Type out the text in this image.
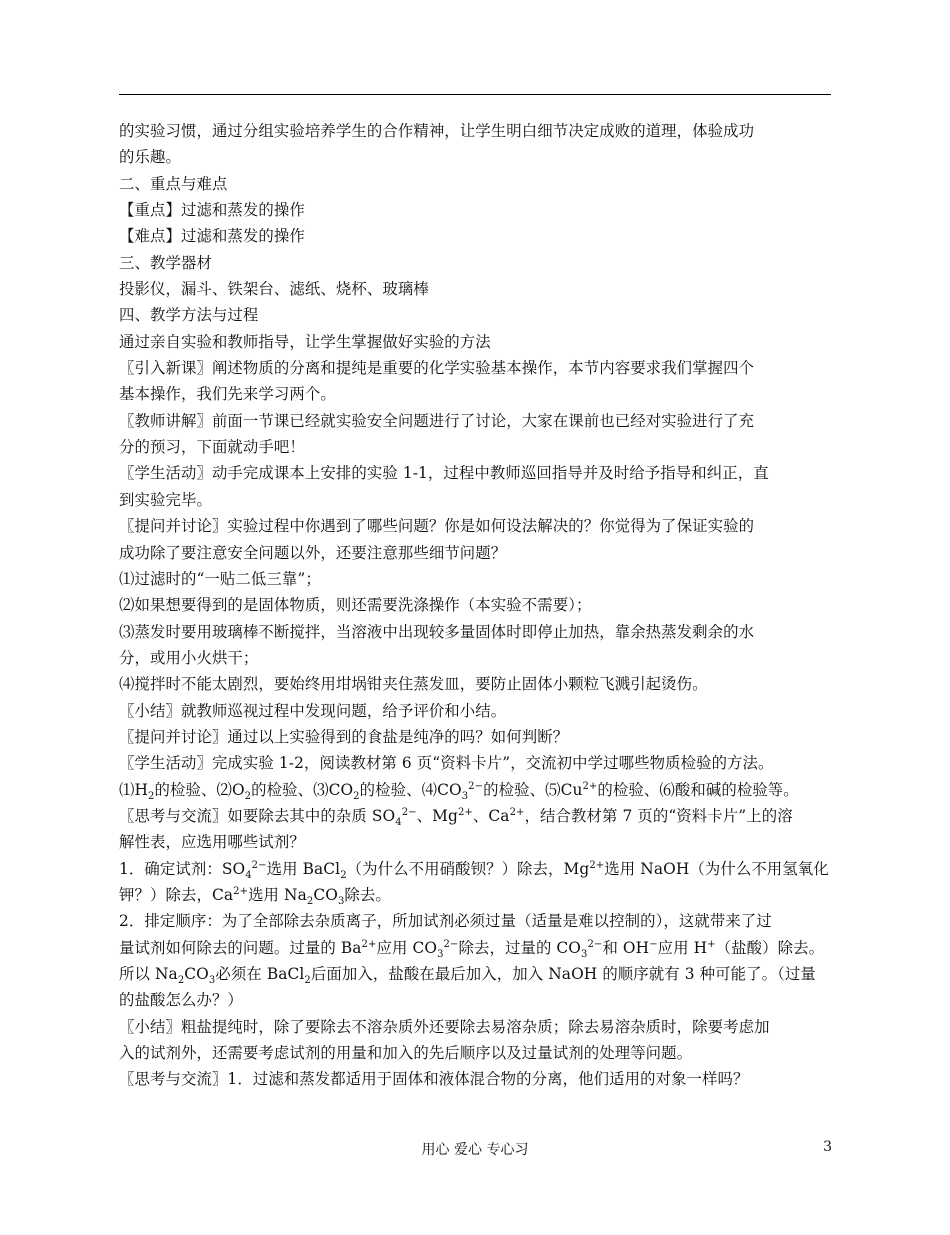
的实验习惯，通过分组实验培养学生的合作精神，让学生明白细节决定成败的道理，体验成功

的乐趣。

二、重点与难点

【重点】过滤和蒸发的操作

【难点】过滤和蒸发的操作

三、教学器材

投影仪，漏斗、铁架台、滤纸、烧杯、玻璃棒

四、教学方法与过程

通过亲自实验和教师指导，让学生掌握做好实验的方法

〖引入新课〗阐述物质的分离和提纯是重要的化学实验基本操作，本节内容要求我们掌握四个

基本操作，我们先来学习两个。

〖教师讲解〗前面一节课已经就实验安全问题进行了讨论，大家在课前也已经对实验进行了充

分的预习，下面就动手吧！

〖学生活动〗动手完成课本上安排的实验 1-1，过程中教师巡回指导并及时给予指导和纠正，直

到实验完毕。

〖提问并讨论〗实验过程中你遇到了哪些问题？你是如何设法解决的？你觉得为了保证实验的

成功除了要注意安全问题以外，还要注意那些细节问题？

⑴过滤时的“一贴二低三靠”；

⑵如果想要得到的是固体物质，则还需要洗涤操作（本实验不需要）；

⑶蒸发时要用玻璃棒不断搅拌，当溶液中出现较多量固体时即停止加热，靠余热蒸发剩余的水

分，或用小火烘干；

⑷搅拌时不能太剧烈，要始终用坩埚钳夹住蒸发皿，要防止固体小颗粒飞溅引起烫伤。

〖小结〗就教师巡视过程中发现问题，给予评价和小结。

〖提问并讨论〗通过以上实验得到的食盐是纯净的吗？如何判断？

〖学生活动〗完成实验 1-2，阅读教材第 6 页“资料卡片”，交流初中学过哪些物质检验的方法。

$⑴H_2$的检验、$⑵O_2$的检验、$⑶CO_2$的检验、$⑷CO_3^{2-}$的检验、$⑸Cu^{2+}$的检验、⑹酸和碱的检验等。

〖思考与交流〗如要除去其中的杂质 $SO_4^{2-}$、$Mg^{2+}$、$Ca^{2+}$，结合教材第 7 页的“资料卡片”上的溶

解性表，应选用哪些试剂？

1．确定试剂：$SO_4^{2-}$选用 BaCl$_2$（为什么不用硝酸钡？）除去，$Mg^{2+}$选用 NaOH（为什么不用氢氧化

钾？）除去，$Ca^{2+}$选用 $Na_2CO_3$除去。

2．排定顺序：为了全部除去杂质离子，所加试剂必须过量（适量是难以控制的），这就带来了过

量试剂如何除去的问题。过量的 $Ba^{2+}$应用 $CO_3^{2-}$除去，过量的 $CO_3^{2-}$和 OH−应用 H+（盐酸）除去。

所以 $Na_2CO_3$必须在 BaCl$_2$后面加入，盐酸在最后加入，加入 NaOH 的顺序就有 3 种可能了。（过量

的盐酸怎么办？）

〖小结〗粗盐提纯时，除了要除去不溶杂质外还要除去易溶杂质；除去易溶杂质时，除要考虑加

入的试剂外，还需要考虑试剂的用量和加入的先后顺序以及过量试剂的处理等问题。

〖思考与交流〗1．过滤和蒸发都适用于固体和液体混合物的分离，他们适用的对象一样吗？

用心 爱心 专心习	3
